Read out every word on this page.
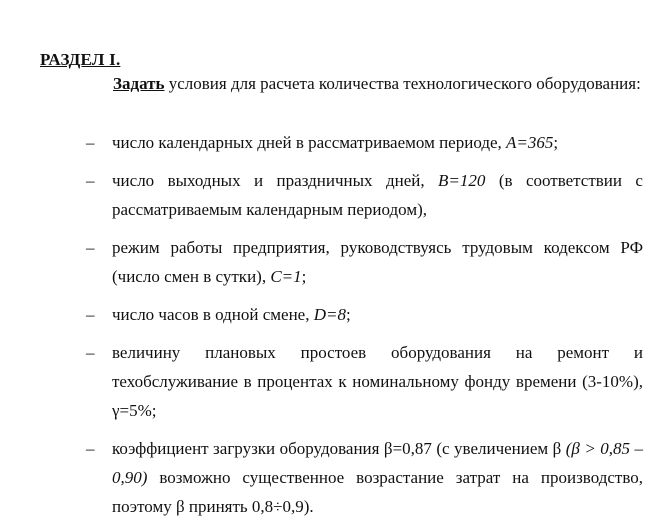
РАЗДЕЛ I.

Задать условия для расчета количества технологического оборудования:

– число календарных дней в рассматриваемом периоде, A=365;
– число выходных и праздничных дней, B=120 (в соответствии с рассматриваемым календарным периодом),
– режим работы предприятия, руководствуясь трудовым кодексом РФ (число смен в сутки), C=1;
– число часов в одной смене, D=8;
– величину плановых простоев оборудования на ремонт и техобслуживание в процентах к номинальному фонду времени (3-10%), γ=5%;
– коэффициент загрузки оборудования β=0,87 (с увеличением β (β > 0,85 – 0,90) возможно существенное возрастание затрат на производство, поэтому β принять 0,8÷0,9).
